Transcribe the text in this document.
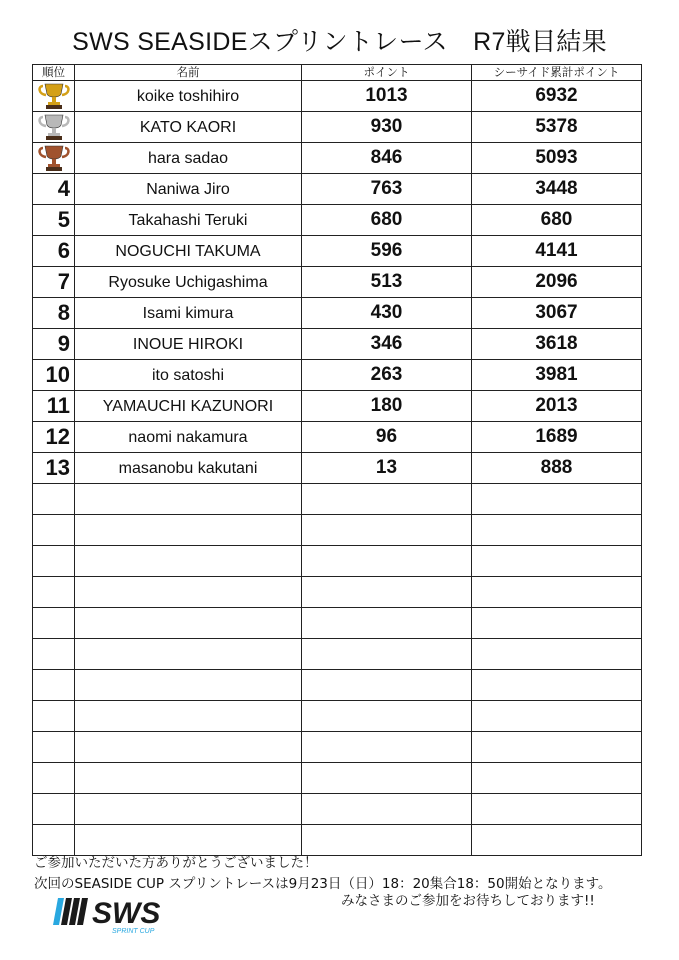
SWS SEASIDEスプリントレース　R7戦目結果
順位	名前	ポイント	シーサイド累計ポイント

	koike toshihiro	1013	6932

	KATO KAORI	930	5378

	hara sadao	846	5093

4	Naniwa Jiro	763	3448

5	Takahashi Teruki	680	680

6	NOGUCHI TAKUMA	596	4141

7	Ryosuke Uchigashima	513	2096

8	Isami kimura	430	3067

9	INOUE HIROKI	346	3618

10	ito satoshi	263	3981

11	YAMAUCHI KAZUNORI	180	2013

12	naomi nakamura	96	1689

13	masanobu kakutani	13	888

ご参加いただいた方ありがとうございました！
次回のSEASIDE CUP スプリントレースは9月23日（日）18：20集合18：50開始となります。
みなさまのご参加をお待ちしております!!
SWS
SPRINT CUP
